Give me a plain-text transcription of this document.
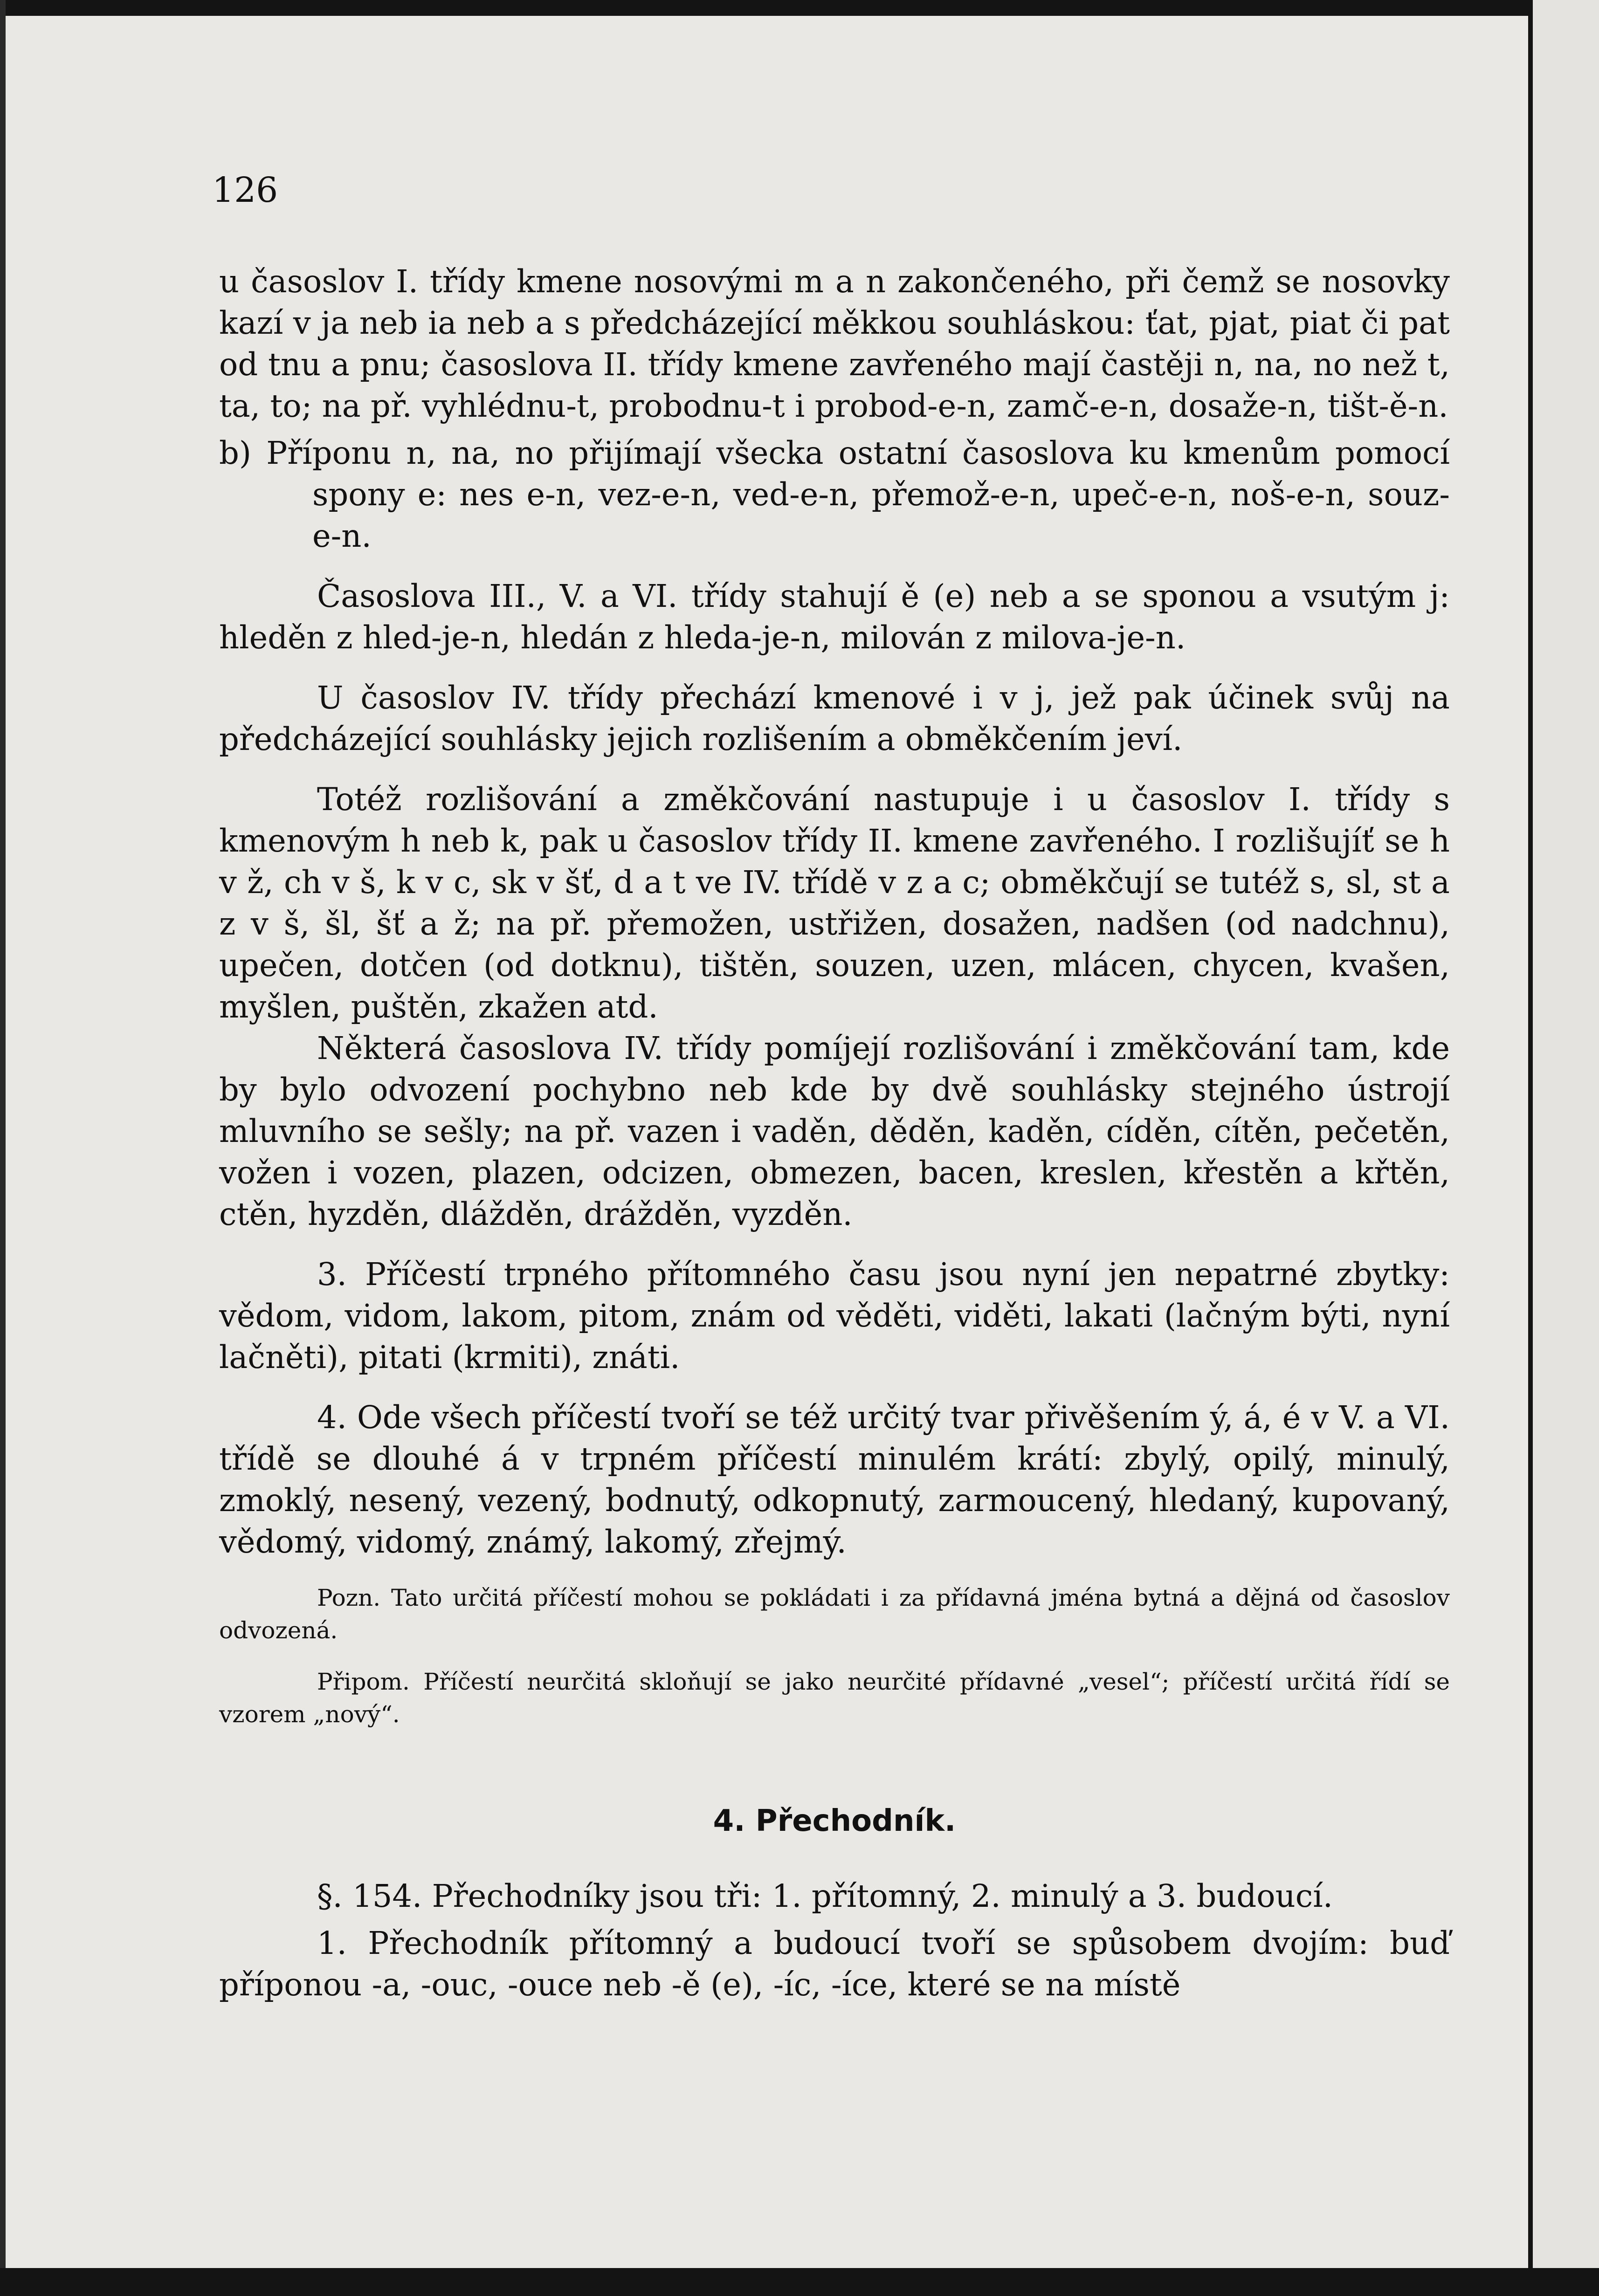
126

u časoslov I. třídy kmene nosovými m a n zakončeného, při čemž se nosovky kazí v ja neb ia neb a s předcházející měkkou souhláskou: ťat, pjat, piat či pat od tnu a pnu; časoslova II. třídy kmene zavřeného mají častěji n, na, no než t, ta, to; na př. vyhlédnu-t, probodnu-t i probod-e-n, zamč-e-n, dosaže-n, tišt-ě-n.

b) Příponu n, na, no přijímají všecka ostatní časoslova ku kmenům pomocí spony e: nes e-n, vez-e-n, ved-e-n, přemož-e-n, upeč-e-n, noš-e-n, souz-e-n.

Časoslova III., V. a VI. třídy stahují ě (e) neb a se sponou a vsutým j: hleděn z hled-je-n, hledán z hleda-je-n, milován z milova-je-n.

U časoslov IV. třídy přechází kmenové i v j, jež pak účinek svůj na předcházející souhlásky jejich rozlišením a obměkčením jeví.

Totéž rozlišování a změkčování nastupuje i u časoslov I. třídy s kmenovým h neb k, pak u časoslov třídy II. kmene zavřeného. I rozlišujíť se h v ž, ch v š, k v c, sk v šť, d a t ve IV. třídě v z a c; obměkčují se tutéž s, sl, st a z v š, šl, šť a ž; na př. přemožen, ustřižen, dosažen, nadšen (od nadchnu), upečen, dotčen (od dotknu), tištěn, souzen, uzen, mlácen, chycen, kvašen, myšlen, puštěn, zkažen atd.

Některá časoslova IV. třídy pomíjejí rozlišování i změkčování tam, kde by bylo odvození pochybno neb kde by dvě souhlásky stejného ústrojí mluvního se sešly; na př. vazen i vaděn, děděn, kaděn, cíděn, cítěn, pečetěn, vožen i vozen, plazen, odcizen, obmezen, bacen, kreslen, křestěn a křtěn, ctěn, hyzděn, dlážděn, drážděn, vyzděn.

3. Příčestí trpného přítomného času jsou nyní jen nepatrné zbytky: vědom, vidom, lakom, pitom, znám od věděti, viděti, lakati (lačným býti, nyní lačněti), pitati (krmiti), znáti.

4. Ode všech příčestí tvoří se též určitý tvar přivěšením ý, á, é v V. a VI. třídě se dlouhé á v trpném příčestí minulém krátí: zbylý, opilý, minulý, zmoklý, nesený, vezený, bodnutý, odkopnutý, zarmoucený, hledaný, kupovaný, vědomý, vidomý, známý, lakomý, zřejmý.

Pozn. Tato určitá příčestí mohou se pokládati i za přídavná jména bytná a dějná od časoslov odvozená.

Připom. Příčestí neurčitá skloňují se jako neurčité přídavné „vesel“; příčestí určitá řídí se vzorem „nový“.

4. Přechodník.

§. 154. Přechodníky jsou tři: 1. přítomný, 2. minulý a 3. budoucí.

1. Přechodník přítomný a budoucí tvoří se spůsobem dvojím: buď příponou -a, -ouc, -ouce neb -ě (e), -íc, -íce, které se na místě
